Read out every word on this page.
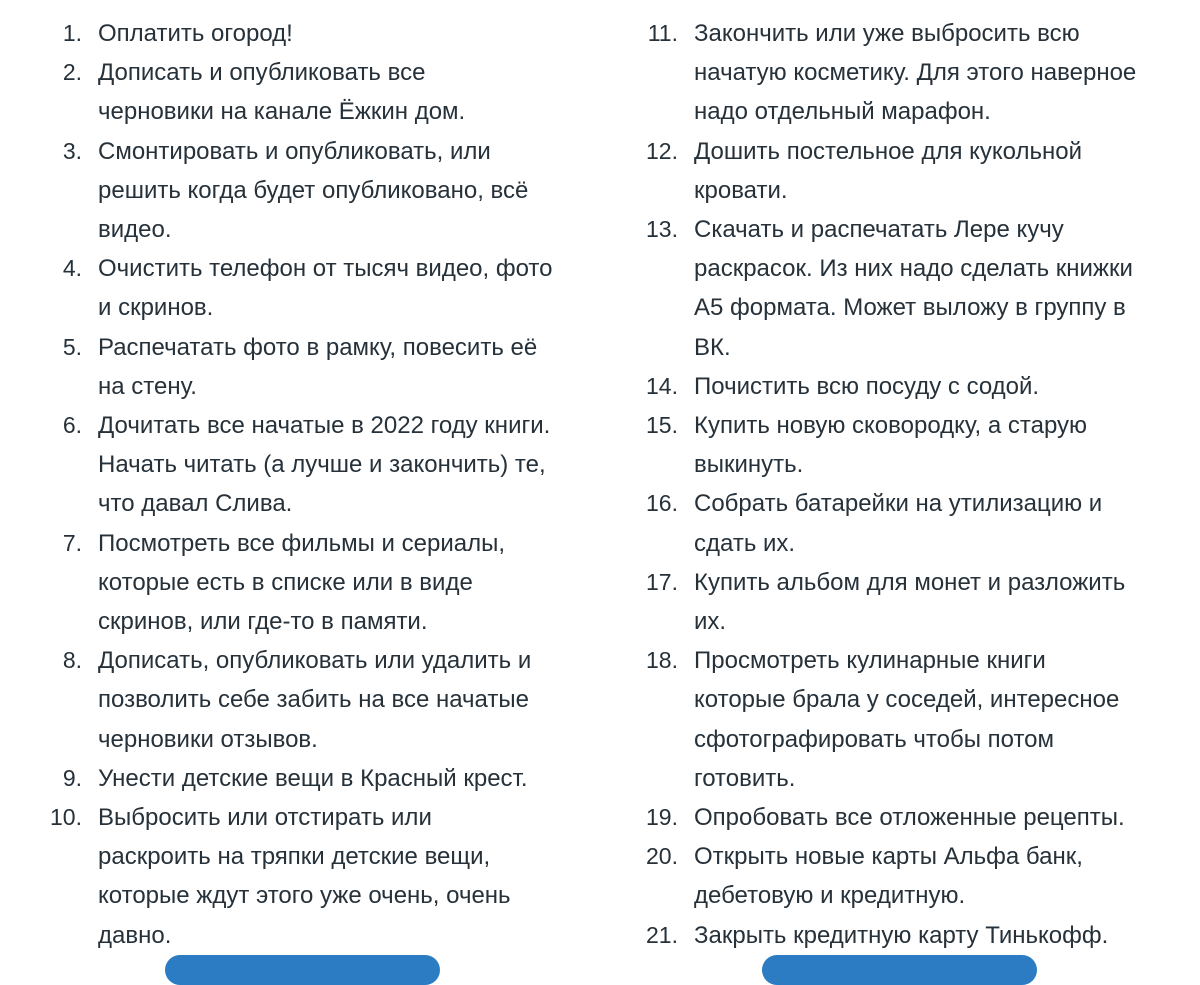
1. Оплатить огород!
2. Дописать и опубликовать все
черновики на канале Ёжкин дом.
3. Смонтировать и опубликовать, или
решить когда будет опубликовано, всё
видео.
4. Очистить телефон от тысяч видео, фото
и скринов.
5. Распечатать фото в рамку, повесить её
на стену.
6. Дочитать все начатые в 2022 году книги.
Начать читать (а лучше и закончить) те,
что давал Слива.
7. Посмотреть все фильмы и сериалы,
которые есть в списке или в виде
скринов, или где-то в памяти.
8. Дописать, опубликовать или удалить и
позволить себе забить на все начатые
черновики отзывов.
9. Унести детские вещи в Красный крест.
10. Выбросить или отстирать или
раскроить на тряпки детские вещи,
которые ждут этого уже очень, очень
давно.
11. Закончить или уже выбросить всю
начатую косметику. Для этого наверное
надо отдельный марафон.
12. Дошить постельное для кукольной
кровати.
13. Скачать и распечатать Лере кучу
раскрасок. Из них надо сделать книжки
А5 формата. Может выложу в группу в
ВК.
14. Почистить всю посуду с содой.
15. Купить новую сковородку, а старую
выкинуть.
16. Собрать батарейки на утилизацию и
сдать их.
17. Купить альбом для монет и разложить
их.
18. Просмотреть кулинарные книги
которые брала у соседей, интересное
сфотографировать чтобы потом
готовить.
19. Опробовать все отложенные рецепты.
20. Открыть новые карты Альфа банк,
дебетовую и кредитную.
21. Закрыть кредитную карту Тинькофф.
